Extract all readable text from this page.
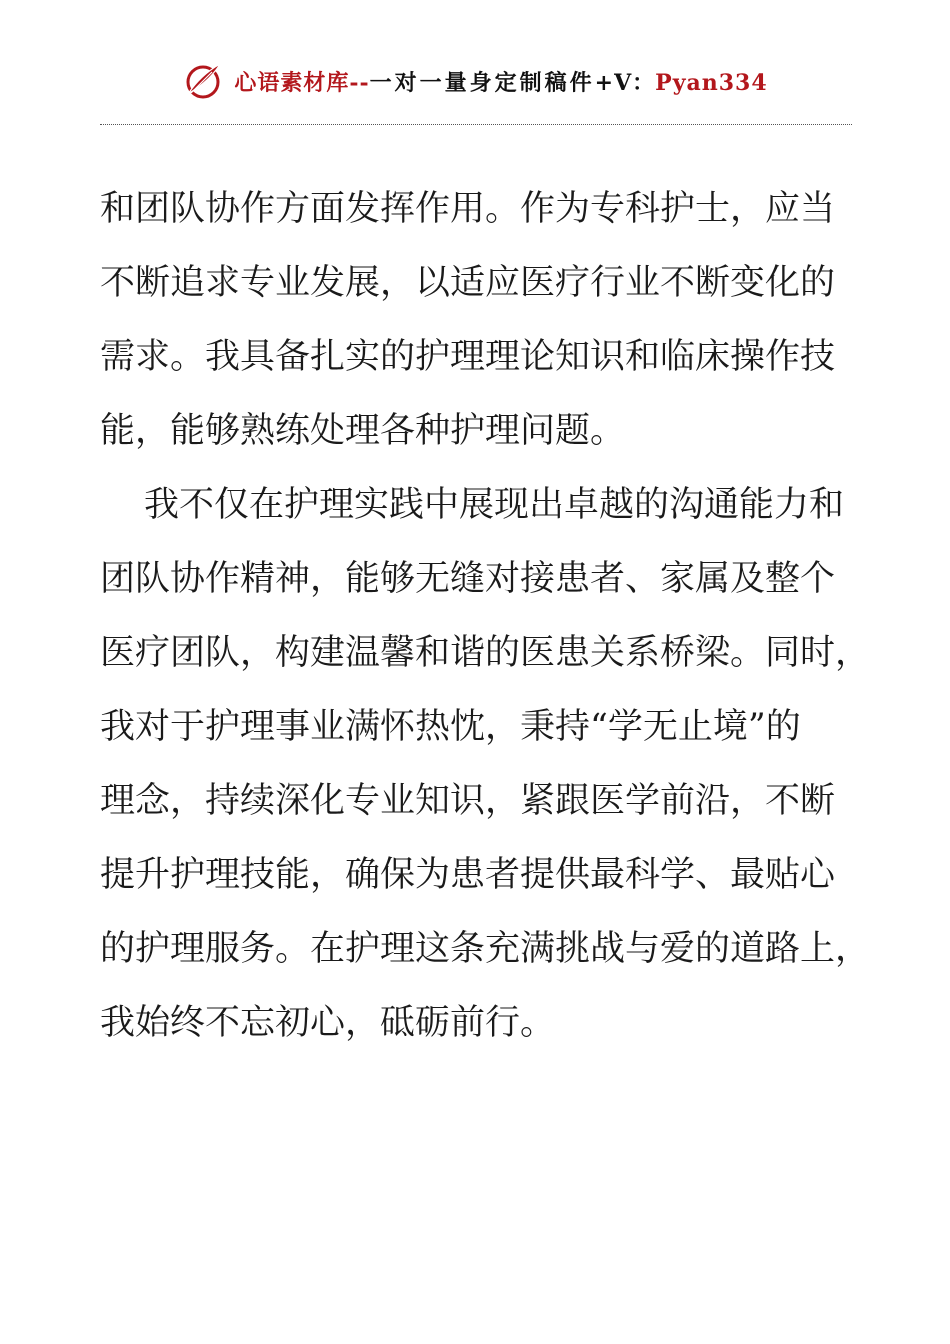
心语素材库--一对一量身定制稿件+V：Pyan334
和团队协作方面发挥作用。作为专科护士，应当
不断追求专业发展，以适应医疗行业不断变化的
需求。我具备扎实的护理理论知识和临床操作技
能，能够熟练处理各种护理问题。
我不仅在护理实践中展现出卓越的沟通能力和
团队协作精神，能够无缝对接患者、家属及整个
医疗团队，构建温馨和谐的医患关系桥梁。同时，
我对于护理事业满怀热忱，秉持“学无止境”的
理念，持续深化专业知识，紧跟医学前沿，不断
提升护理技能，确保为患者提供最科学、最贴心
的护理服务。在护理这条充满挑战与爱的道路上，
我始终不忘初心，砥砺前行。
